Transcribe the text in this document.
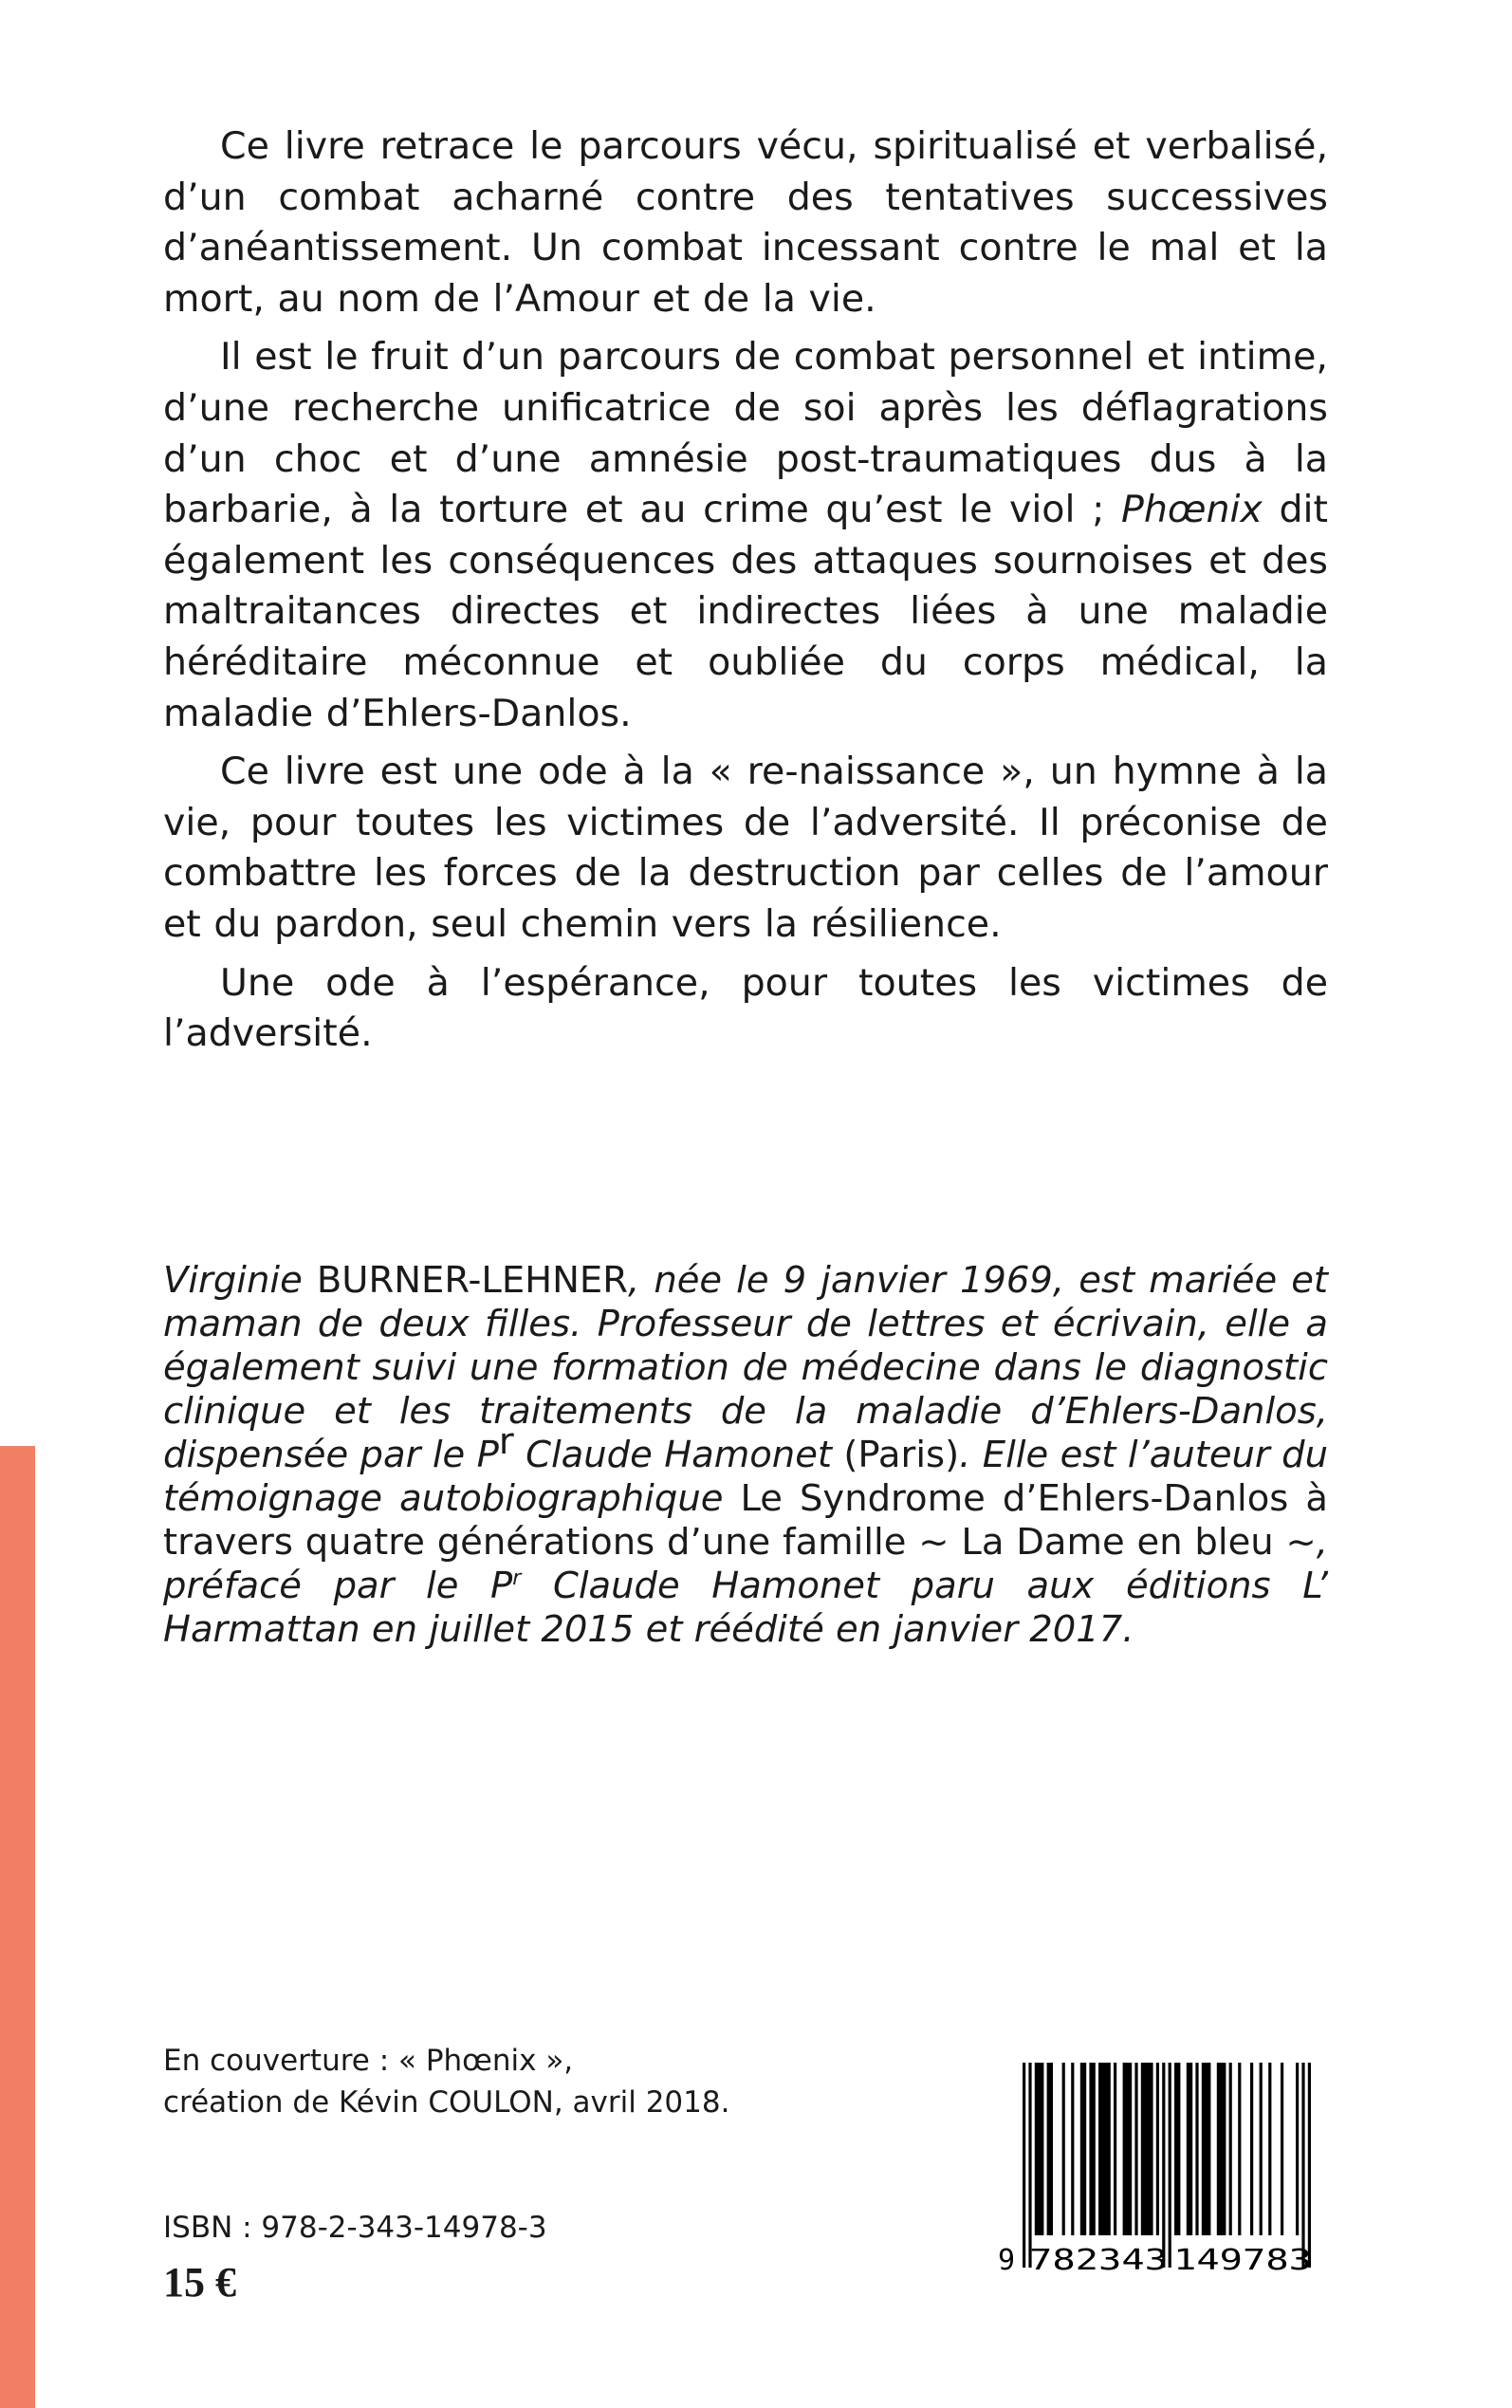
Ce livre retrace le parcours vécu, spiritualisé et verbalisé, d’un combat acharné contre des tentatives successives d’anéantissement. Un combat incessant contre le mal et la mort, au nom de l’Amour et de la vie.

Il est le fruit d’un parcours de combat personnel et intime, d’une recherche unificatrice de soi après les déflagrations d’un choc et d’une amnésie post-traumatiques dus à la barbarie, à la torture et au crime qu’est le viol ; Phœnix dit également les conséquences des attaques sournoises et des maltraitances directes et indirectes liées à une maladie héréditaire méconnue et oubliée du corps médical, la maladie d’Ehlers-Danlos.

Ce livre est une ode à la « re-naissance », un hymne à la vie, pour toutes les victimes de l’adversité. Il préconise de combattre les forces de la destruction par celles de l’amour et du pardon, seul chemin vers la résilience.

Une ode à l’espérance, pour toutes les victimes de l’adversité.

Virginie BURNER-LEHNER, née le 9 janvier 1969, est mariée et maman de deux filles. Professeur de lettres et écrivain, elle a également suivi une formation de médecine dans le diagnostic clinique et les traitements de la maladie d’Ehlers-Danlos, dispensée par le $P^r$ Claude Hamonet (Paris). Elle est l’auteur du témoignage autobiographique Le Syndrome d’Ehlers-Danlos à travers quatre générations d’une famille ~ La Dame en bleu ~, préfacé par le $P^r$ Claude Hamonet paru aux éditions L’ Harmattan en juillet 2015 et réédité en janvier 2017.

En couverture : « Phœnix »,
création de Kévin COULON, avril 2018.
ISBN : 978-2-343-14978-3
15 €	9 782343 149783
